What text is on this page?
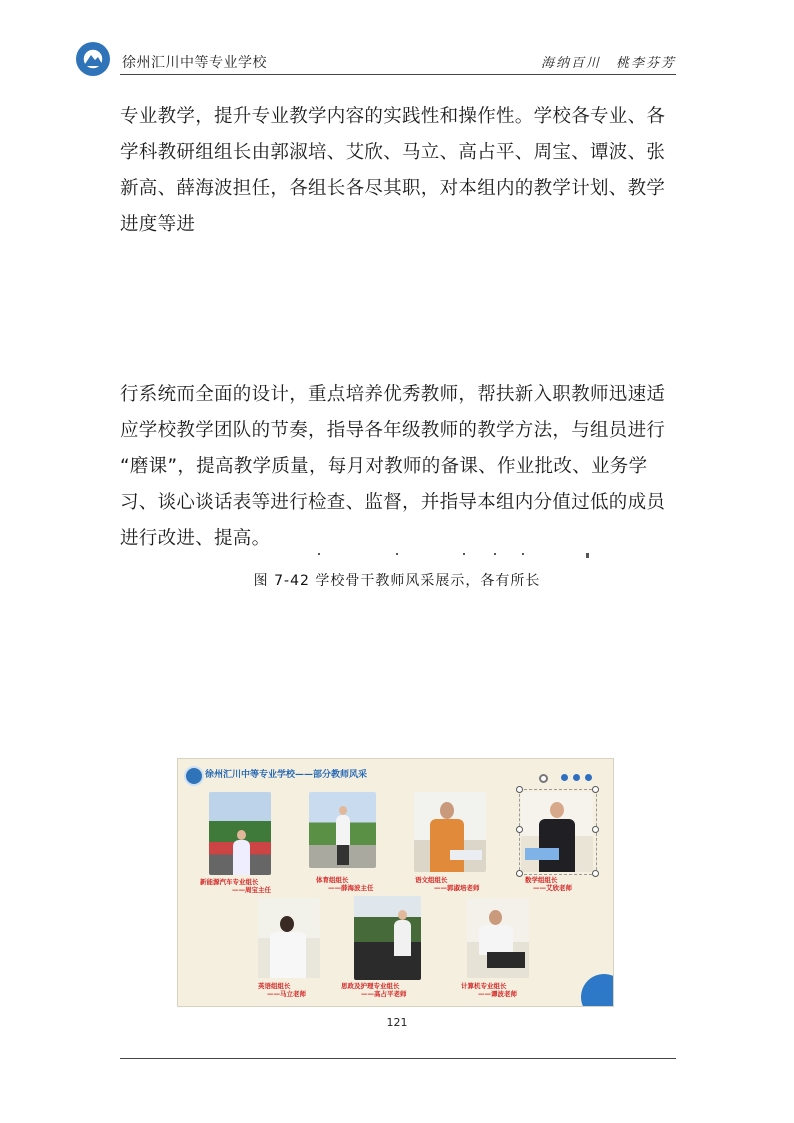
徐州汇川中等专业学校	海纳百川　桃李芬芳

专业教学，提升专业教学内容的实践性和操作性。学校各专业、各
学科教研组组长由郭淑培、艾欣、马立、高占平、周宝、谭波、张
新高、薛海波担任，各组长各尽其职，对本组内的教学计划、教学
进度等进

行系统而全面的设计，重点培养优秀教师，帮扶新入职教师迅速适
应学校教学团队的节奏，指导各年级教师的教学方法，与组员进行
“磨课”，提高教学质量，每月对教师的备课、作业批改、业务学
习、谈心谈话表等进行检查、监督，并指导本组内分值过低的成员
进行改进、提高。

图 7-42 学校骨干教师风采展示，各有所长
徐州汇川中等专业学校——部分教师风采
新能源汽车专业组长
——周宝主任
体育组组长
——薛海波主任
语文组组长
——郭淑培老师
数学组组长
——艾欣老师
英语组组长
——马立老师
思政及护理专业组长
——高占平老师
计算机专业组长
——谭波老师
121
